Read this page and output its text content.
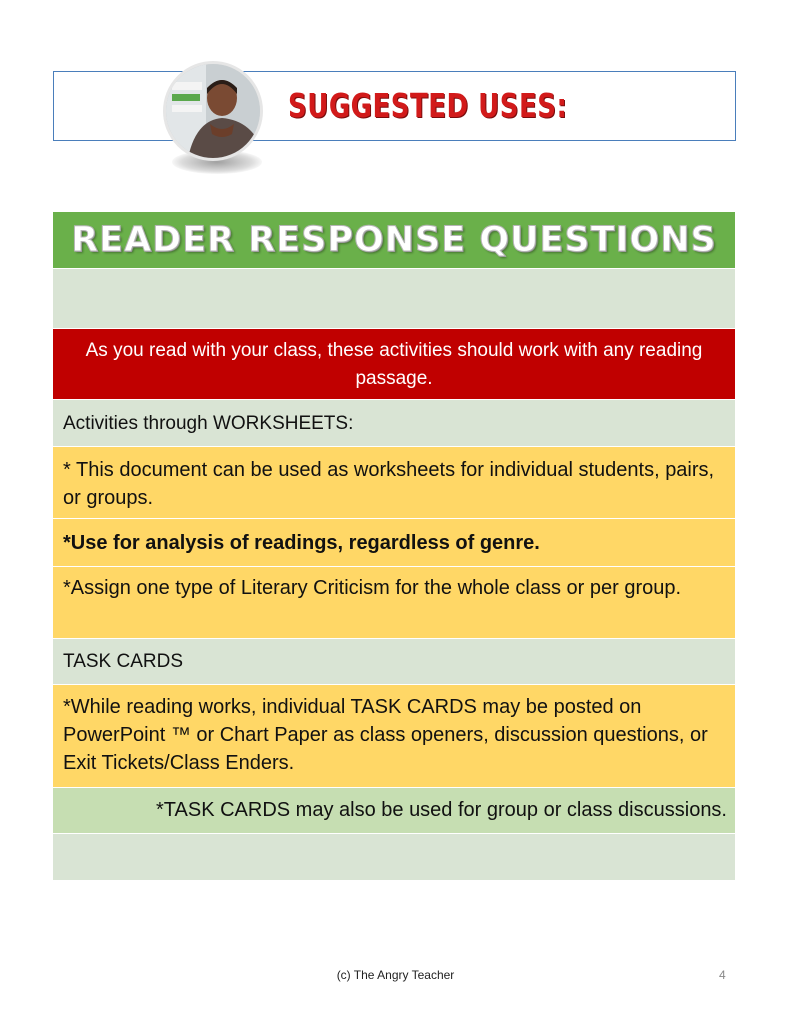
SUGGESTED USES:
READER RESPONSE QUESTIONS
As you read with your class, these activities should work with any reading passage.
Activities through WORKSHEETS:
* This document can be used as worksheets for individual students, pairs, or groups.
*Use for analysis of readings, regardless of genre.
*Assign one type of Literary Criticism for the whole class or per group.
TASK CARDS
*While reading works, individual TASK CARDS may be posted on PowerPoint ™ or Chart Paper as class openers, discussion questions, or Exit Tickets/Class Enders.
*TASK CARDS may also be used for group or class discussions.
(c) The Angry Teacher	4
